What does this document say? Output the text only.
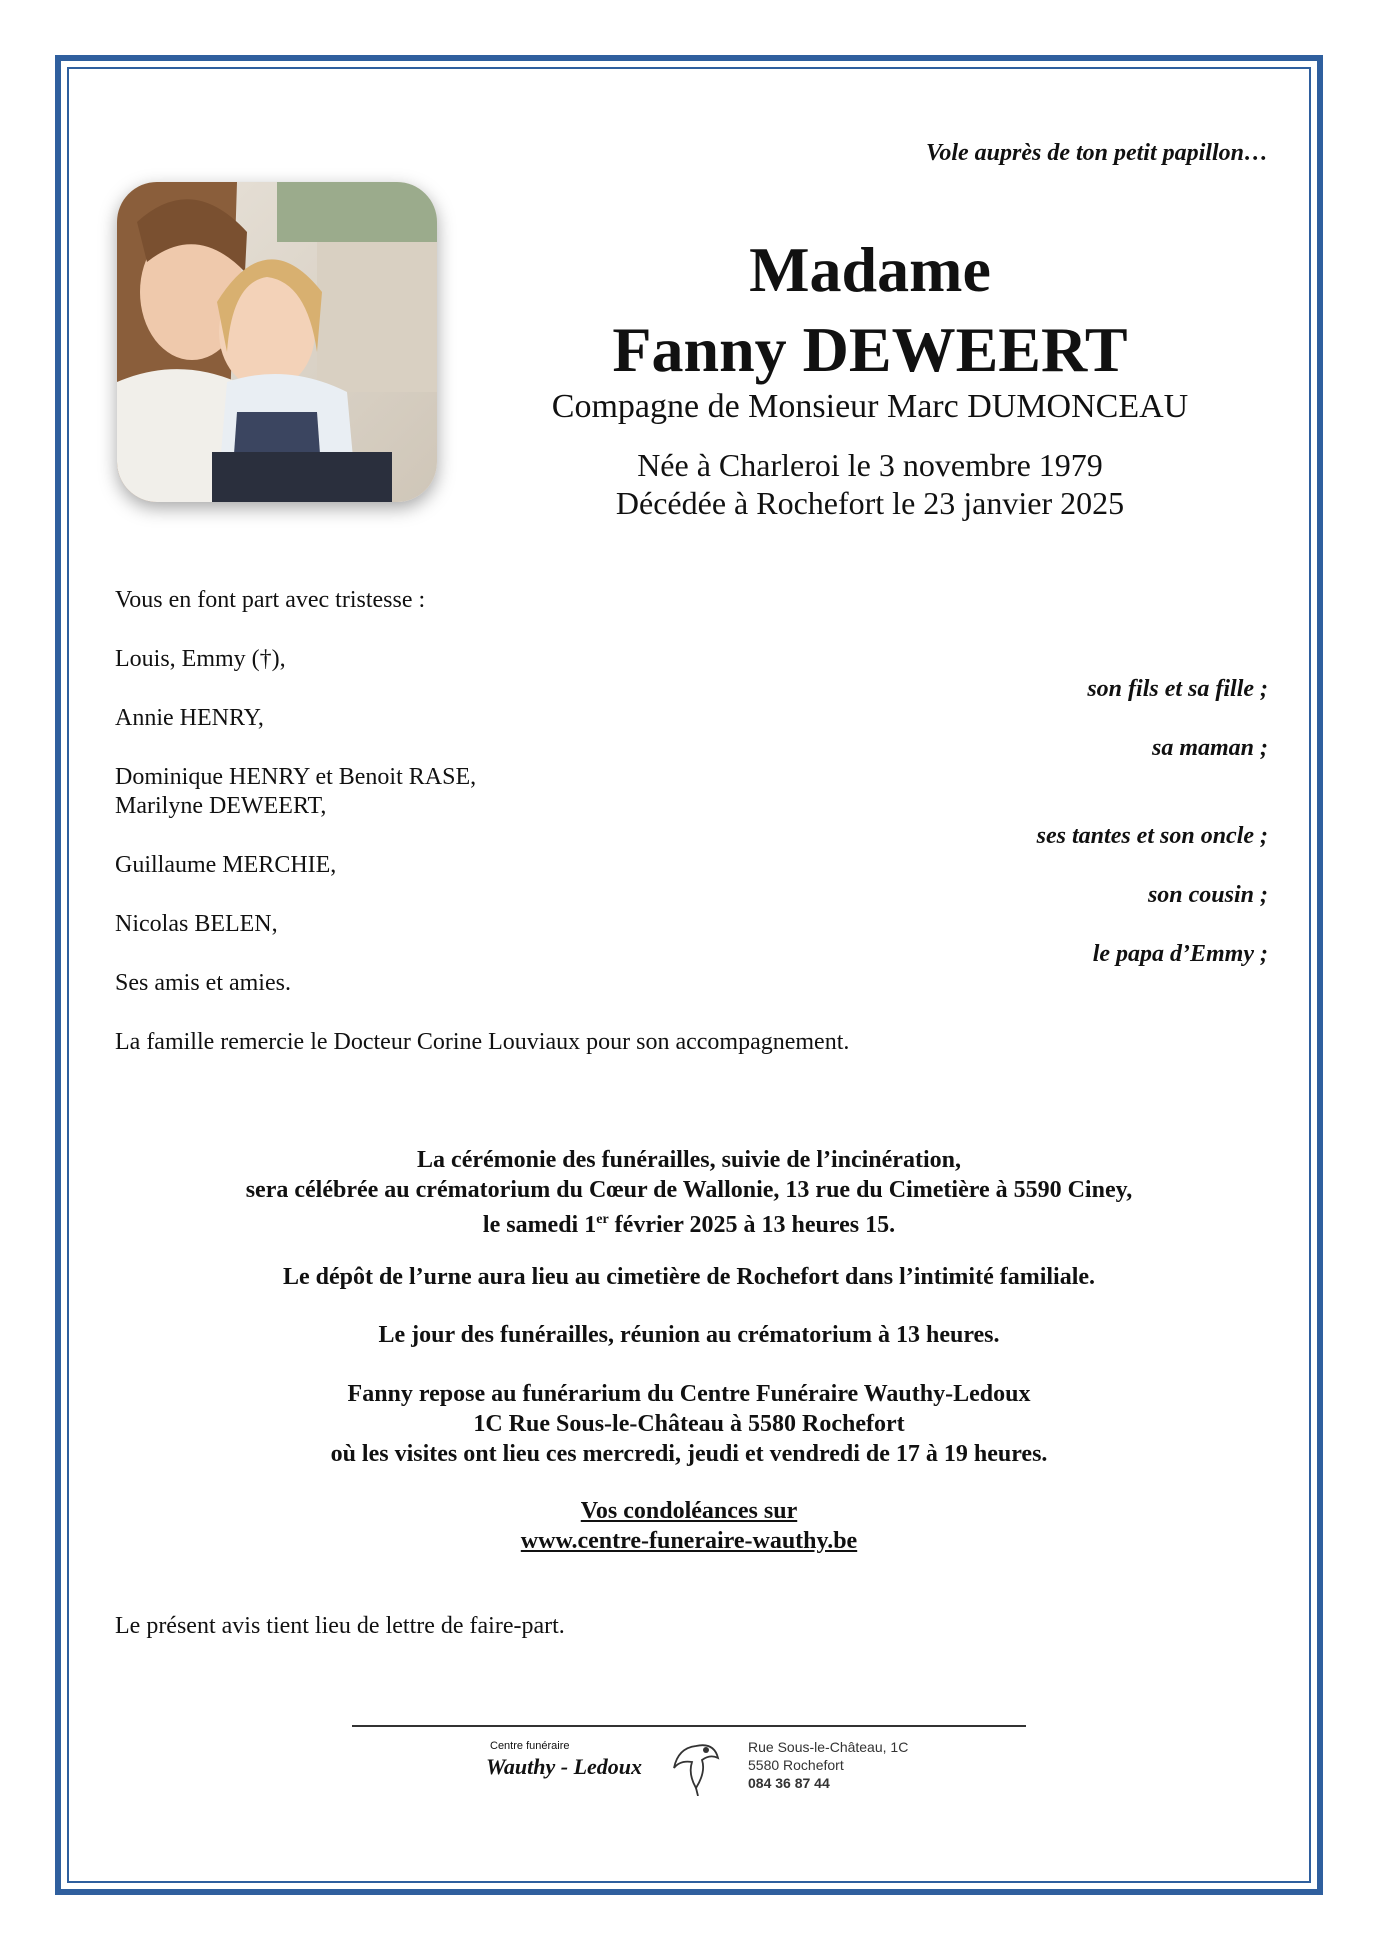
Vole auprès de ton petit papillon…
Madame
Fanny DEWEERT
Compagne de Monsieur Marc DUMONCEAU
Née à Charleroi le 3 novembre 1979
Décédée à Rochefort le 23 janvier 2025
Vous en font part avec tristesse :
Louis, Emmy (†),
son fils et sa fille ;
Annie HENRY,
sa maman ;
Dominique HENRY et Benoit RASE,
Marilyne DEWEERT,
ses tantes et son oncle ;
Guillaume MERCHIE,
son cousin ;
Nicolas BELEN,
le papa d’Emmy ;
Ses amis et amies.
La famille remercie le Docteur Corine Louviaux pour son accompagnement.

La cérémonie des funérailles, suivie de l’incinération,

sera célébrée au crématorium du Cœur de Wallonie, 13 rue du Cimetière à 5590 Ciney,

le samedi 1er février 2025 à 13 heures 15.

Le dépôt de l’urne aura lieu au cimetière de Rochefort dans l’intimité familiale.
Le jour des funérailles, réunion au crématorium à 13 heures.

Fanny repose au funérarium du Centre Funéraire Wauthy-Ledoux

1C Rue Sous-le-Château à 5580 Rochefort

où les visites ont lieu ces mercredi, jeudi et vendredi de 17 à 19 heures.

Vos condoléances sur

www.centre-funeraire-wauthy.be

Le présent avis tient lieu de lettre de faire-part.
Centre funéraire
Wauthy - Ledoux
Rue Sous-le-Château, 1C
5580 Rochefort
084 36 87 44
